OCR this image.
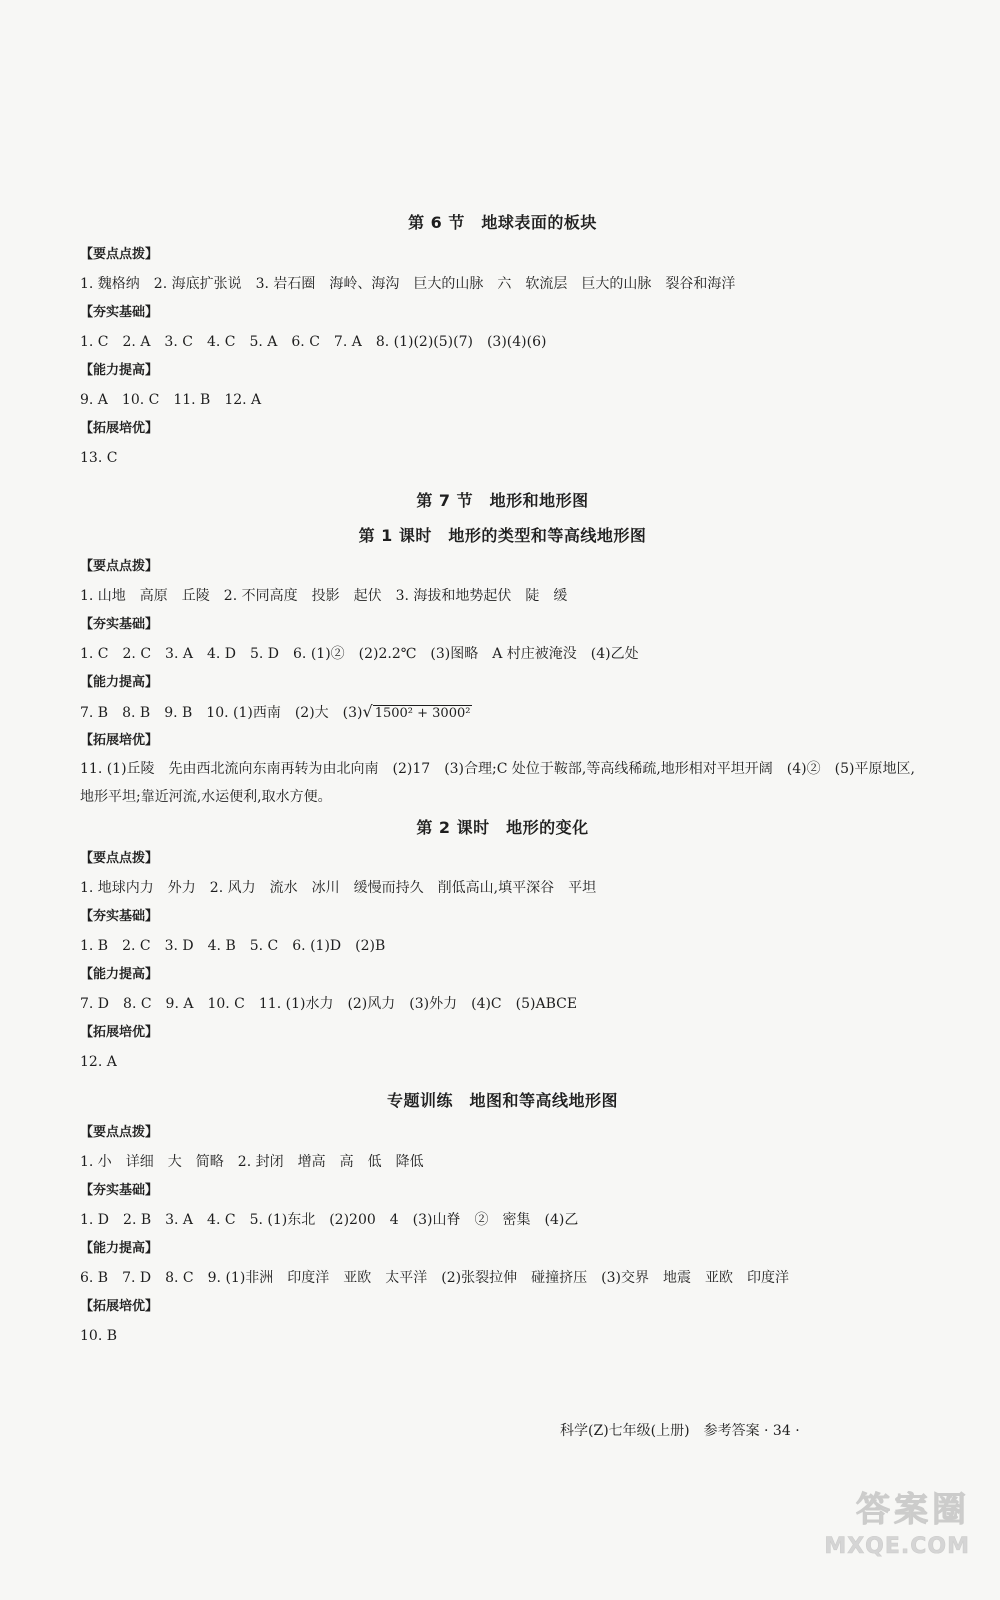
第 6 节　地球表面的板块
【要点点拨】
1. 魏格纳　2. 海底扩张说　3. 岩石圈　海岭、海沟　巨大的山脉　六　软流层　巨大的山脉　裂谷和海洋
【夯实基础】
1. C　2. A　3. C　4. C　5. A　6. C　7. A　8. (1)(2)(5)(7)　(3)(4)(6)
【能力提高】
9. A　10. C　11. B　12. A
【拓展培优】
13. C
第 7 节　地形和地形图
第 1 课时　地形的类型和等高线地形图
【要点点拨】
1. 山地　高原　丘陵　2. 不同高度　投影　起伏　3. 海拔和地势起伏　陡　缓
【夯实基础】
1. C　2. C　3. A　4. D　5. D　6. (1)②　(2)2.2℃　(3)图略　A 村庄被淹没　(4)乙处
【能力提高】
7. B　8. B　9. B　10. (1)西南　(2)大　(3)√ 1500² + 3000²
【拓展培优】
11. (1)丘陵　先由西北流向东南再转为由北向南　(2)17　(3)合理;C 处位于鞍部,等高线稀疏,地形相对平坦开阔　(4)②　(5)平原地区,地形平坦;靠近河流,水运便利,取水方便。
第 2 课时　地形的变化
【要点点拨】
1. 地球内力　外力　2. 风力　流水　冰川　缓慢而持久　削低高山,填平深谷　平坦
【夯实基础】
1. B　2. C　3. D　4. B　5. C　6. (1)D　(2)B
【能力提高】
7. D　8. C　9. A　10. C　11. (1)水力　(2)风力　(3)外力　(4)C　(5)ABCE
【拓展培优】
12. A
专题训练　地图和等高线地形图
【要点点拨】
1. 小　详细　大　简略　2. 封闭　增高　高　低　降低
【夯实基础】
1. D　2. B　3. A　4. C　5. (1)东北　(2)200　4　(3)山脊　②　密集　(4)乙
【能力提高】
6. B　7. D　8. C　9. (1)非洲　印度洋　亚欧　太平洋　(2)张裂拉伸　碰撞挤压　(3)交界　地震　亚欧　印度洋
【拓展培优】
10. B
科学(Z)七年级(上册)　参考答案 · 34 ·
答案圈
MXQE.COM
